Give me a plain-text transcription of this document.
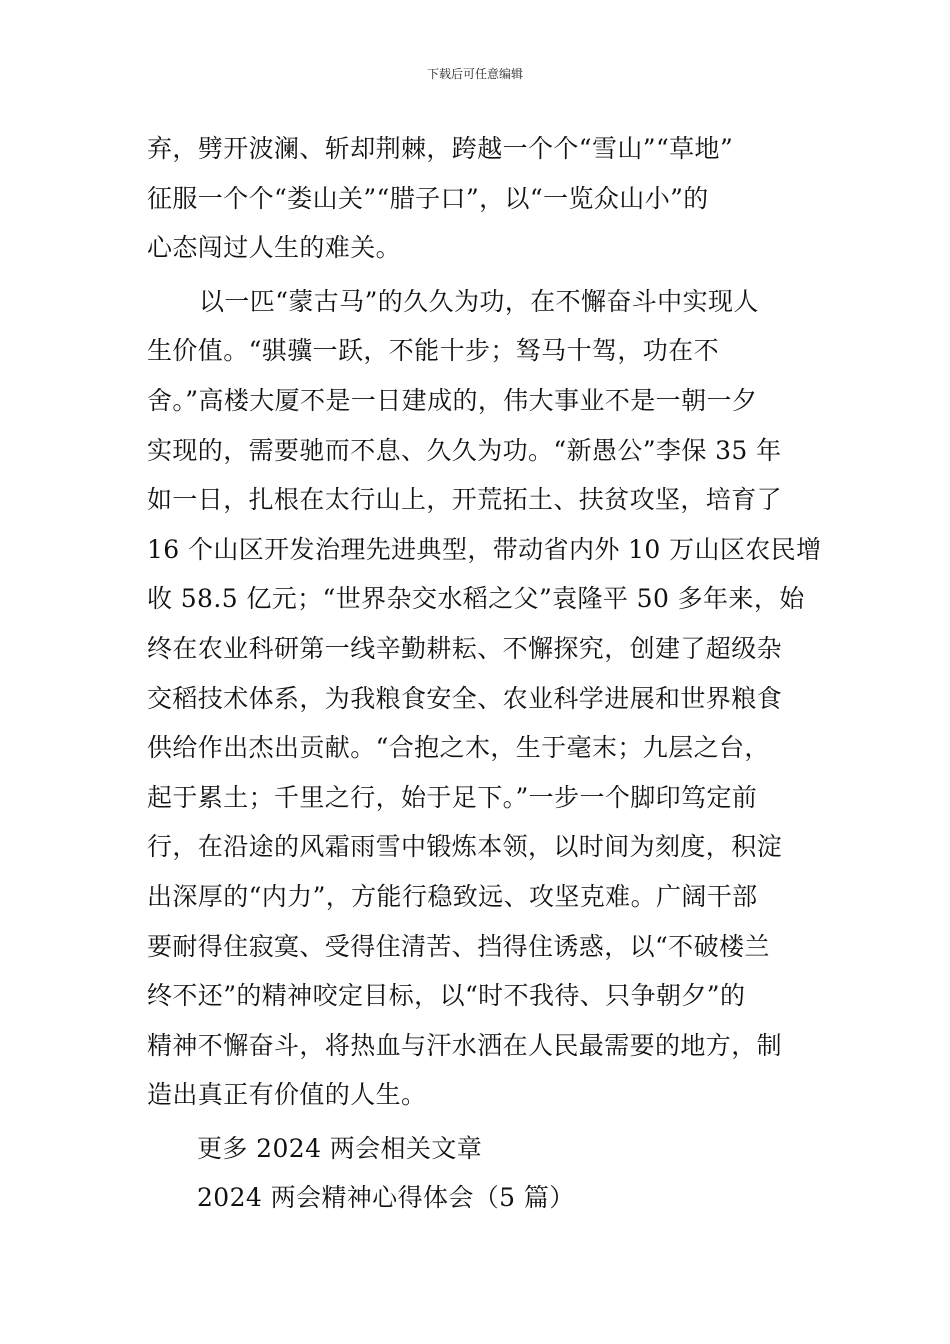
下载后可任意编辑
弃，劈开波澜、斩却荆棘，跨越一个个“雪山”“草地”
征服一个个“娄山关”“腊子口”，以“一览众山小”的
心态闯过人生的难关。
以一匹“蒙古马”的久久为功，在不懈奋斗中实现人
生价值。“骐骥一跃，不能十步；驽马十驾，功在不
舍。”高楼大厦不是一日建成的，伟大事业不是一朝一夕
实现的，需要驰而不息、久久为功。“新愚公”李保 35 年
如一日，扎根在太行山上，开荒拓土、扶贫攻坚，培育了
16 个山区开发治理先进典型，带动省内外 10 万山区农民增
收 58.5 亿元；“世界杂交水稻之父”袁隆平 50 多年来，始
终在农业科研第一线辛勤耕耘、不懈探究，创建了超级杂
交稻技术体系，为我粮食安全、农业科学进展和世界粮食
供给作出杰出贡献。“合抱之木，生于毫末；九层之台，
起于累土；千里之行，始于足下。”一步一个脚印笃定前
行，在沿途的风霜雨雪中锻炼本领，以时间为刻度，积淀
出深厚的“内力”，方能行稳致远、攻坚克难。广阔干部
要耐得住寂寞、受得住清苦、挡得住诱惑，以“不破楼兰
终不还”的精神咬定目标，以“时不我待、只争朝夕”的
精神不懈奋斗，将热血与汗水洒在人民最需要的地方，制
造出真正有价值的人生。
更多 2024 两会相关文章
2024 两会精神心得体会（5 篇）
